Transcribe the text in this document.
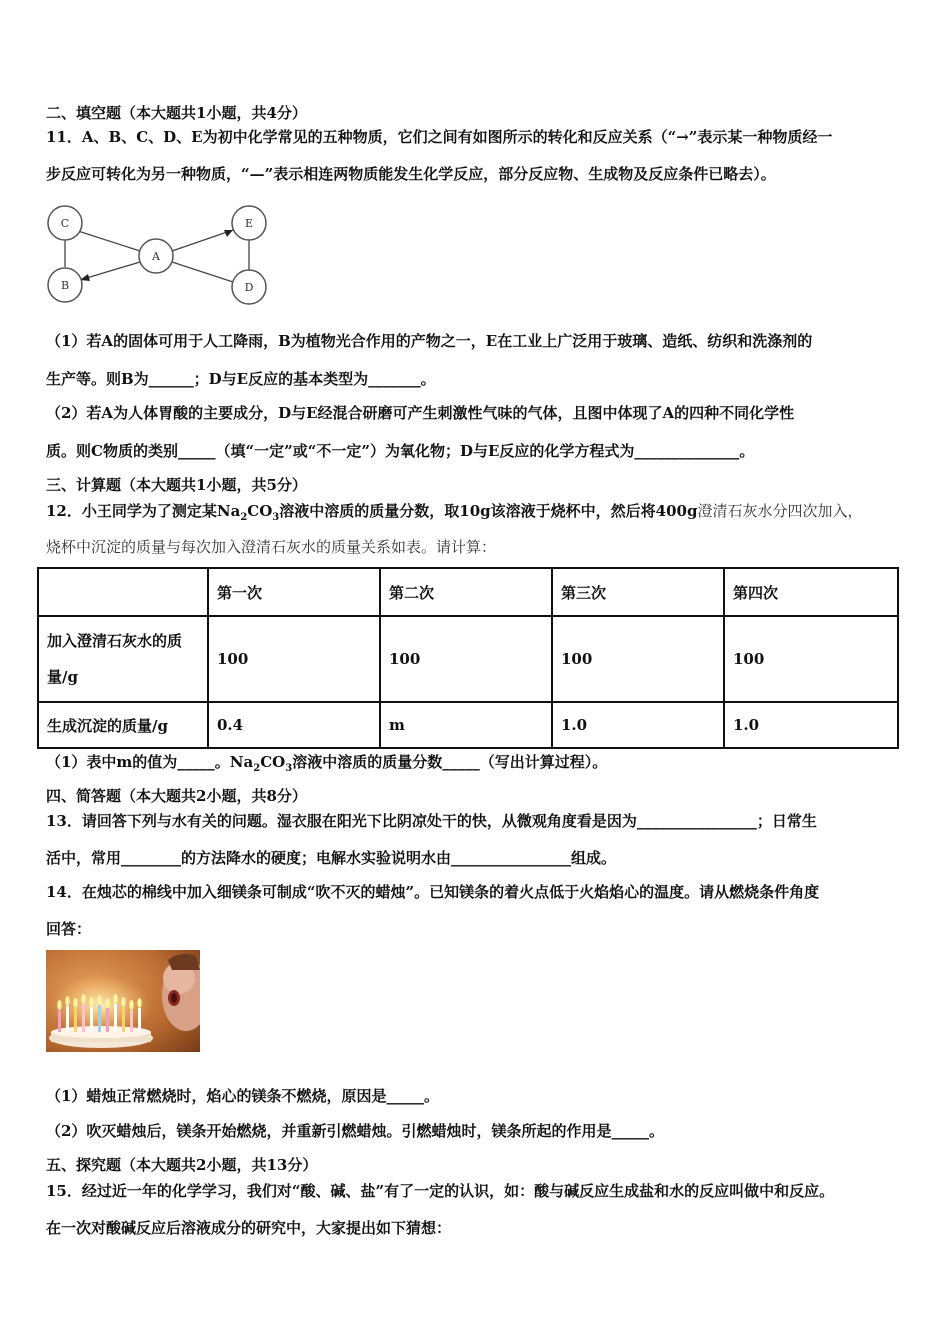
二、填空题（本大题共1小题，共4分）
11．A、B、C、D、E为初中化学常见的五种物质，它们之间有如图所示的转化和反应关系（“→”表示某一种物质经一
步反应可转化为另一种物质，“—”表示相连两物质能发生化学反应，部分反应物、生成物及反应条件已略去）。
C	E
A
B	D
（1）若A的固体可用于人工降雨，B为植物光合作用的产物之一，E在工业上广泛用于玻璃、造纸、纺织和洗涤剂的
生产等。则B为______；D与E反应的基本类型为_______。
（2）若A为人体胃酸的主要成分，D与E经混合研磨可产生刺激性气味的气体，且图中体现了A的四种不同化学性
质。则C物质的类别_____（填“一定”或“不一定”）为氧化物；D与E反应的化学方程式为______________。
三、计算题（本大题共1小题，共5分）
12．小王同学为了测定某$Na_2CO_3$溶液中溶质的质量分数，取10g该溶液于烧杯中，然后将400g澄清石灰水分四次加入，
烧杯中沉淀的质量与每次加入澄清石灰水的质量关系如表。请计算：
	第一次	第二次	第三次	第四次
加入澄清石灰水的质
量/g	100	100	100	100
生成沉淀的质量/g	0.4	m	1.0	1.0
（1）表中m的值为_____。$Na_2CO_3$溶液中溶质的质量分数_____（写出计算过程）。
四、简答题（本大题共2小题，共8分）
13．请回答下列与水有关的问题。湿衣服在阳光下比阴凉处干的快，从微观角度看是因为________________；日常生
活中，常用________的方法降水的硬度；电解水实验说明水由________________组成。
14．在烛芯的棉线中加入细镁条可制成“吹不灭的蜡烛”。已知镁条的着火点低于火焰焰心的温度。请从燃烧条件角度
回答：
（1）蜡烛正常燃烧时，焰心的镁条不燃烧，原因是_____。
（2）吹灭蜡烛后，镁条开始燃烧，并重新引燃蜡烛。引燃蜡烛时，镁条所起的作用是_____。
五、探究题（本大题共2小题，共13分）
15．经过近一年的化学学习，我们对“酸、碱、盐”有了一定的认识，如：酸与碱反应生成盐和水的反应叫做中和反应。
在一次对酸碱反应后溶液成分的研究中，大家提出如下猜想：
